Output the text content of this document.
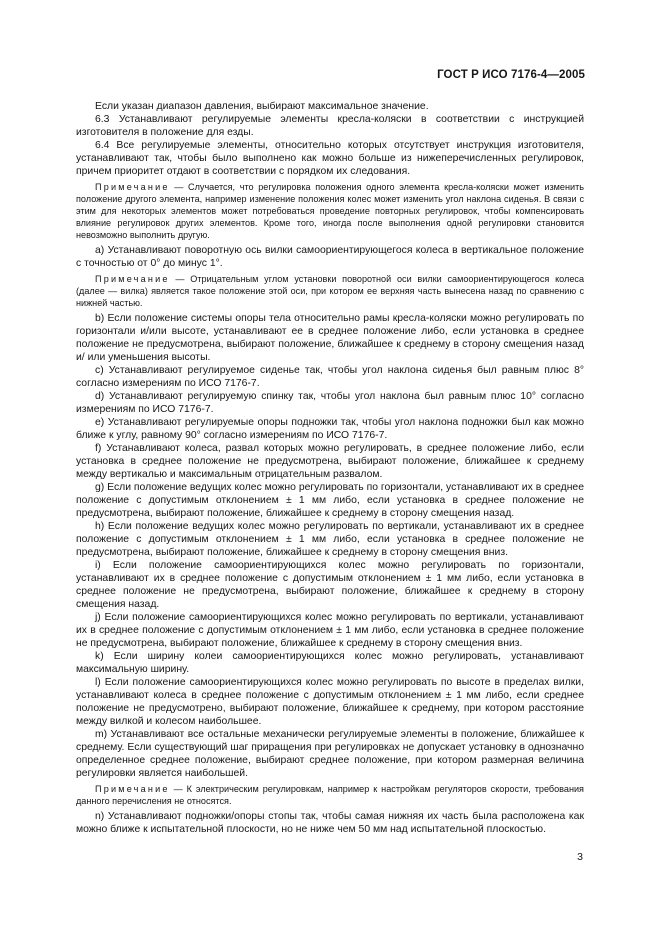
ГОСТ Р ИСО 7176-4—2005

Если указан диапазон давления, выбирают максимальное значение.

6.3 Устанавливают регулируемые элементы кресла-коляски в соответствии с инструкцией изготовителя в положение для езды.

6.4 Все регулируемые элементы, относительно которых отсутствует инструкция изготовителя, устанавливают так, чтобы было выполнено как можно больше из нижеперечисленных регулировок, причем приоритет отдают в соответствии с порядком их следования.

Примечание — Случается, что регулировка положения одного элемента кресла-коляски может изменить положение другого элемента, например изменение положения колес может изменить угол наклона сиденья. В связи с этим для некоторых элементов может потребоваться проведение повторных регулировок, чтобы компенсировать влияние регулировок других элементов. Кроме того, иногда после выполнения одной регулировки становится невозможно выполнить другую.

a) Устанавливают поворотную ось вилки самоориентирующегося колеса в вертикальное положение с точностью от 0° до минус 1°.

Примечание — Отрицательным углом установки поворотной оси вилки самоориентирующегося колеса (далее — вилка) является такое положение этой оси, при котором ее верхняя часть вынесена назад по сравнению с нижней частью.

b) Если положение системы опоры тела относительно рамы кресла-коляски можно регулировать по горизонтали и/или высоте, устанавливают ее в среднее положение либо, если установка в среднее положение не предусмотрена, выбирают положение, ближайшее к среднему в сторону смещения назад и/ или уменьшения высоты.

c) Устанавливают регулируемое сиденье так, чтобы угол наклона сиденья был равным плюс 8° согласно измерениям по ИСО 7176-7.

d) Устанавливают регулируемую спинку так, чтобы угол наклона был равным плюс 10° согласно измерениям по ИСО 7176-7.

e) Устанавливают регулируемые опоры подножки так, чтобы угол наклона подножки был как можно ближе к углу, равному 90° согласно измерениям по ИСО 7176-7.

f) Устанавливают колеса, развал которых можно регулировать, в среднее положение либо, если установка в среднее положение не предусмотрена, выбирают положение, ближайшее к среднему между вертикалью и максимальным отрицательным развалом.

g) Если положение ведущих колес можно регулировать по горизонтали, устанавливают их в среднее положение с допустимым отклонением ± 1 мм либо, если установка в среднее положение не предусмотрена, выбирают положение, ближайшее к среднему в сторону смещения назад.

h) Если положение ведущих колес можно регулировать по вертикали, устанавливают их в среднее положение с допустимым отклонением ± 1 мм либо, если установка в среднее положение не предусмотрена, выбирают положение, ближайшее к среднему в сторону смещения вниз.

i) Если положение самоориентирующихся колес можно регулировать по горизонтали, устанавливают их в среднее положение с допустимым отклонением ± 1 мм либо, если установка в среднее положение не предусмотрена, выбирают положение, ближайшее к среднему в сторону смещения назад.

j) Если положение самоориентирующихся колес можно регулировать по вертикали, устанавливают их в среднее положение с допустимым отклонением ± 1 мм либо, если установка в среднее положение не предусмотрена, выбирают положение, ближайшее к среднему в сторону смещения вниз.

k) Если ширину колеи самоориентирующихся колес можно регулировать, устанавливают максимальную ширину.

l) Если положение самоориентирующихся колес можно регулировать по высоте в пределах вилки, устанавливают колеса в среднее положение с допустимым отклонением ± 1 мм либо, если среднее положение не предусмотрено, выбирают положение, ближайшее к среднему, при котором расстояние между вилкой и колесом наибольшее.

m) Устанавливают все остальные механически регулируемые элементы в положение, ближайшее к среднему. Если существующий шаг приращения при регулировках не допускает установку в однозначно определенное среднее положение, выбирают среднее положение, при котором размерная величина регулировки является наибольшей.

Примечание — К электрическим регулировкам, например к настройкам регуляторов скорости, требования данного перечисления не относятся.

n) Устанавливают подножки/опоры стопы так, чтобы самая нижняя их часть была расположена как можно ближе к испытательной плоскости, но не ниже чем 50 мм над испытательной плоскостью.

3
